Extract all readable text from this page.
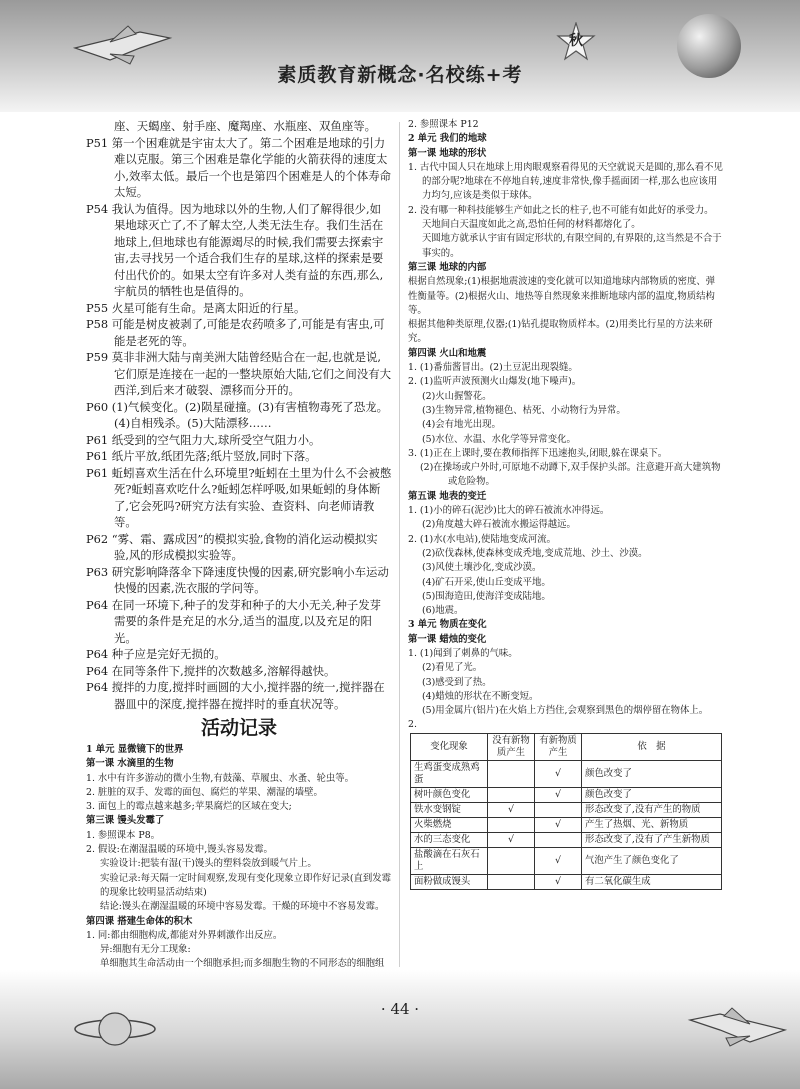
秋
素质教育新概念·名校练+考

座、天蝎座、射手座、魔羯座、水瓶座、双鱼座等。

P51 第一个困难就是宇宙太大了。第二个困难是地球的引力难以克服。第三个困难是靠化学能的火箭获得的速度太小,效率太低。最后一个也是第四个困难是人的个体寿命太短。

P54 我认为值得。因为地球以外的生物,人们了解得很少,如果地球灭亡了,不了解太空,人类无法生存。我们生活在地球上,但地球也有能源竭尽的时候,我们需要去探索宇宙,去寻找另一个适合我们生存的星球,这样的探索是要付出代价的。如果太空有许多对人类有益的东西,那么,宇航员的牺牲也是值得的。

P55 火星可能有生命。是离太阳近的行星。

P58 可能是树皮被剥了,可能是农药喷多了,可能是有害虫,可能是老死的等。

P59 莫非非洲大陆与南美洲大陆曾经贴合在一起,也就是说,它们原是连接在一起的一整块原始大陆,它们之间没有大西洋,到后来才破裂、漂移而分开的。

P60 (1)气候变化。(2)陨星碰撞。(3)有害植物毒死了恐龙。(4)自相残杀。(5)大陆漂移……

P61 纸受到的空气阻力大,球所受空气阻力小。

P61 纸片平放,纸团先落;纸片竖放,同时下落。

P61 蚯蚓喜欢生活在什么环境里?蚯蚓在土里为什么不会被憋死?蚯蚓喜欢吃什么?蚯蚓怎样呼吸,如果蚯蚓的身体断了,它会死吗?研究方法有实验、查资料、向老师请教等。

P62 “雾、霜、露成因”的模拟实验,食物的消化运动模拟实验,风的形成模拟实验等。

P63 研究影响降落伞下降速度快慢的因素,研究影响小车运动快慢的因素,洗衣服的学问等。

P64 在同一环境下,种子的发芽和种子的大小无关,种子发芽需要的条件是充足的水分,适当的温度,以及充足的阳光。

P64 种子应是完好无损的。

P64 在同等条件下,搅拌的次数越多,溶解得越快。

P64 搅拌的力度,搅拌时画圆的大小,搅拌器的统一,搅拌器在器皿中的深度,搅拌器在搅拌时的垂直状况等。

活动记录

1 单元 显微镜下的世界

第一课 水滴里的生物

1. 水中有许多游动的微小生物,有鼓藻、草履虫、水蚤、轮虫等。

2. 脏脏的双手、发霉的面包、腐烂的苹果、潮湿的墙壁。

3. 面包上的霉点越来越多;苹果腐烂的区域在变大;

第三课 馒头发霉了

1. 参照课本 P8。

2. 假设:在潮湿温暖的环境中,馒头容易发霉。

实验设计:把装有湿(干)馒头的塑料袋放到暖气片上。

实验记录:每天隔一定时间观察,发现有变化现象立即作好记录(直到发霉的现象比较明显活动结束)

结论:馒头在潮湿温暖的环境中容易发霉。干燥的环境中不容易发霉。

第四课 搭建生命体的积木

1. 同:都由细胞构成,都能对外界刺激作出反应。

异:细胞有无分工现象:

单细胞其生命活动由一个细胞承担;而多细胞生物的不同形态的细胞组

2. 参照课本 P12

2 单元 我们的地球

第一课 地球的形状

1. 古代中国人只在地球上用肉眼观察看得见的天空就说天是圆的,那么看不见的部分呢?地球在不停地自转,速度非常快,像手摇面团一样,那么也应该用力均匀,应该是类似于球体。

2. 没有哪一种科技能够生产如此之长的柱子,也不可能有如此好的承受力。

天地间白天温度如此之高,恐怕任何的材料都熔化了。

天圆地方就承认宇宙有固定形状的,有限空间的,有界限的,这当然是不合于事实的。

第三课 地球的内部

根据自然现象;(1)根据地震波速的变化就可以知道地球内部物质的密度、弹性衡量等。(2)根据火山、地热等自然现象来推断地球内部的温度,物质结构等。

根据其他种类原理,仪器;(1)钻孔提取物质样本。(2)用类比行星的方法来研究。

第四课 火山和地震

1. (1)番茄酱冒出。(2)土豆泥出现裂缝。

2. (1)监听声波预测火山爆发(地下噪声)。

(2)火山握警花。

(3)生物异常,植物褪色、枯死、小动物行为异常。

(4)会有地光出现。

(5)水位、水温、水化学等异常变化。

3. (1)正在上课时,要在教师指挥下迅速抱头,闭眼,躲在课桌下。

(2)在操场或户外时,可原地不动蹲下,双手保护头部。注意避开高大建筑物或危险物。

第五课 地表的变迁

1. (1)小的碎石(泥沙)比大的碎石被流水冲得远。

(2)角度越大碎石被流水搬运得越远。

2. (1)水(水电站),使陆地变成河流。

(2)砍伐森林,使森林变成秃地,变成荒地、沙土、沙漠。

(3)风使土壤沙化,变成沙漠。

(4)矿石开采,使山丘变成平地。

(5)围海造田,使海洋变成陆地。

(6)地震。

3 单元 物质在变化

第一课 蜡烛的变化

1. (1)闻到了刺鼻的气味。

(2)看见了光。

(3)感受到了热。

(4)蜡烛的形状在不断变短。

(5)用金属片(铝片)在火焰上方挡住,会观察到黑色的烟停留在物体上。

2.

变化现象	没有新物质产生	有新物质产生	依　据
生鸡蛋变成熟鸡蛋		√	颜色改变了
树叶颜色变化		√	颜色改变了
铁水变钢锭	√		形态改变了,没有产生的物质
火柴燃烧		√	产生了热烟、光、新物质
水的三态变化	√		形态改变了,没有了产生新物质
盐酸滴在石灰石上		√	气泡产生了颜色变化了
面粉做成馒头		√	有二氧化碳生成
· 44 ·
